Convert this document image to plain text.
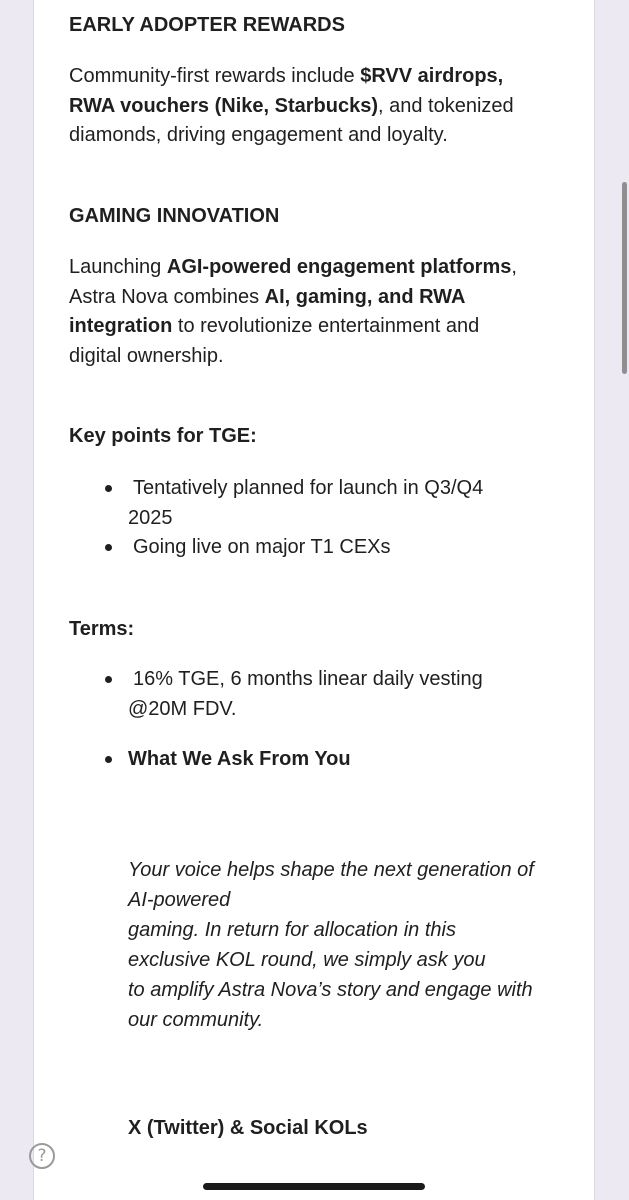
EARLY ADOPTER REWARDS

Community-first rewards include $RVV airdrops,

RWA vouchers (Nike, Starbucks), and tokenized

diamonds, driving engagement and loyalty.

GAMING INNOVATION

Launching AGI-powered engagement platforms,

Astra Nova combines AI, gaming, and RWA

integration to revolutionize entertainment and

digital ownership.

Key points for TGE:

Tentatively planned for launch in Q3/Q4

2025

Going live on major T1 CEXs

Terms:

16% TGE, 6 months linear daily vesting

@20M FDV.

What We Ask From You

Your voice helps shape the next generation of

AI-powered

gaming. In return for allocation in this

exclusive KOL round, we simply ask you

to amplify Astra Nova’s story and engage with

our community.

X (Twitter) & Social KOLs

?
